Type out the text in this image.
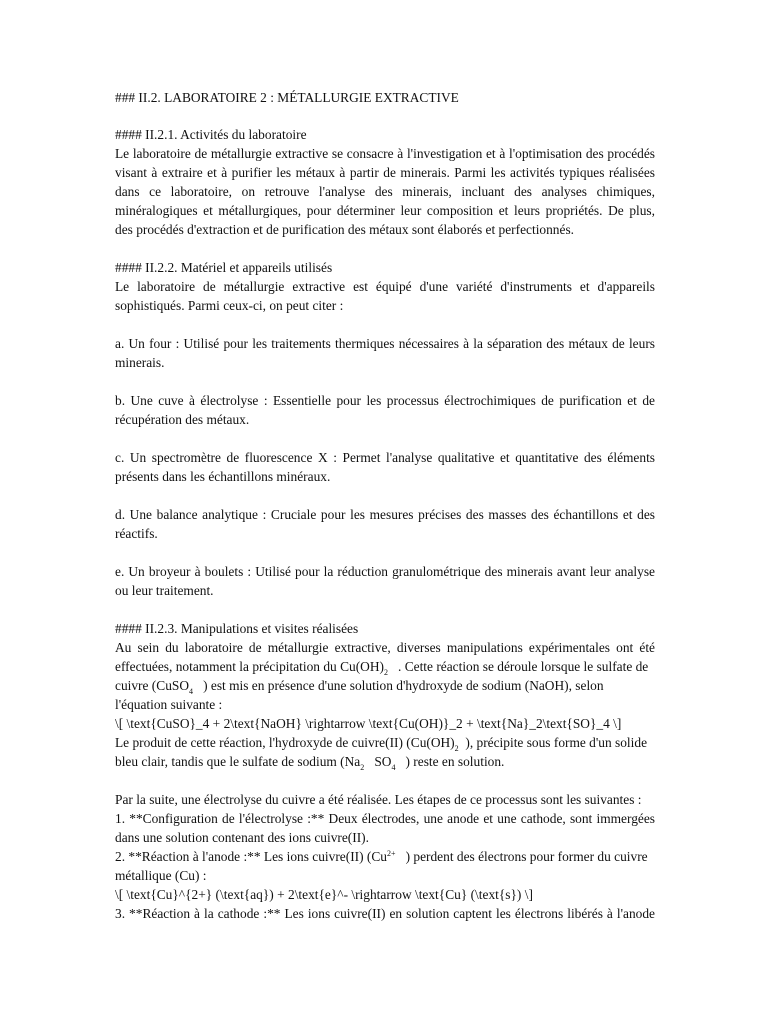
### II.2. LABORATOIRE 2 : MÉTALLURGIE EXTRACTIVE
#### II.2.1. Activités du laboratoire
Le laboratoire de métallurgie extractive se consacre à l'investigation et à l'optimisation des procédés
visant à extraire et à purifier les métaux à partir de minerais. Parmi les activités typiques réalisées
dans ce laboratoire, on retrouve l'analyse des minerais, incluant des analyses chimiques,
minéralogiques et métallurgiques, pour déterminer leur composition et leurs propriétés. De plus,
des procédés d'extraction et de purification des métaux sont élaborés et perfectionnés.
#### II.2.2. Matériel et appareils utilisés
Le laboratoire de métallurgie extractive est équipé d'une variété d'instruments et d'appareils
sophistiqués. Parmi ceux-ci, on peut citer :
a. Un four : Utilisé pour les traitements thermiques nécessaires à la séparation des métaux de leurs
minerais.
b. Une cuve à électrolyse : Essentielle pour les processus électrochimiques de purification et de
récupération des métaux.
c. Un spectromètre de fluorescence X : Permet l'analyse qualitative et quantitative des éléments
présents dans les échantillons minéraux.
d. Une balance analytique : Cruciale pour les mesures précises des masses des échantillons et des
réactifs.
e. Un broyeur à boulets : Utilisé pour la réduction granulométrique des minerais avant leur analyse
ou leur traitement.
#### II.2.3. Manipulations et visites réalisées
Au sein du laboratoire de métallurgie extractive, diverses manipulations expérimentales ont été
effectuées, notamment la précipitation du $Cu(OH)_2$ . Cette réaction se déroule lorsque le sulfate de
cuivre (CuSO$_4$ ) est mis en présence d'une solution d'hydroxyde de sodium (NaOH), selon
l'équation suivante :
\[ \text{CuSO}_4 + 2\text{NaOH} \rightarrow \text{Cu(OH)}_2 + \text{Na}_2\text{SO}_4 \]
Le produit de cette réaction, l'hydroxyde de cuivre(II) ($Cu(OH)_2$ ), précipite sous forme d'un solide
bleu clair, tandis que le sulfate de sodium ($Na_2$ $SO_4$ ) reste en solution.
Par la suite, une électrolyse du cuivre a été réalisée. Les étapes de ce processus sont les suivantes :
1. **Configuration de l'électrolyse :** Deux électrodes, une anode et une cathode, sont immergées
dans une solution contenant des ions cuivre(II).
2. **Réaction à l'anode :** Les ions cuivre(II) ($Cu^{2+}$ ) perdent des électrons pour former du cuivre
métallique (Cu) :
\[ \text{Cu}^{2+} (\text{aq}) + 2\text{e}^- \rightarrow \text{Cu} (\text{s}) \]
3. **Réaction à la cathode :** Les ions cuivre(II) en solution captent les électrons libérés à l'anode
